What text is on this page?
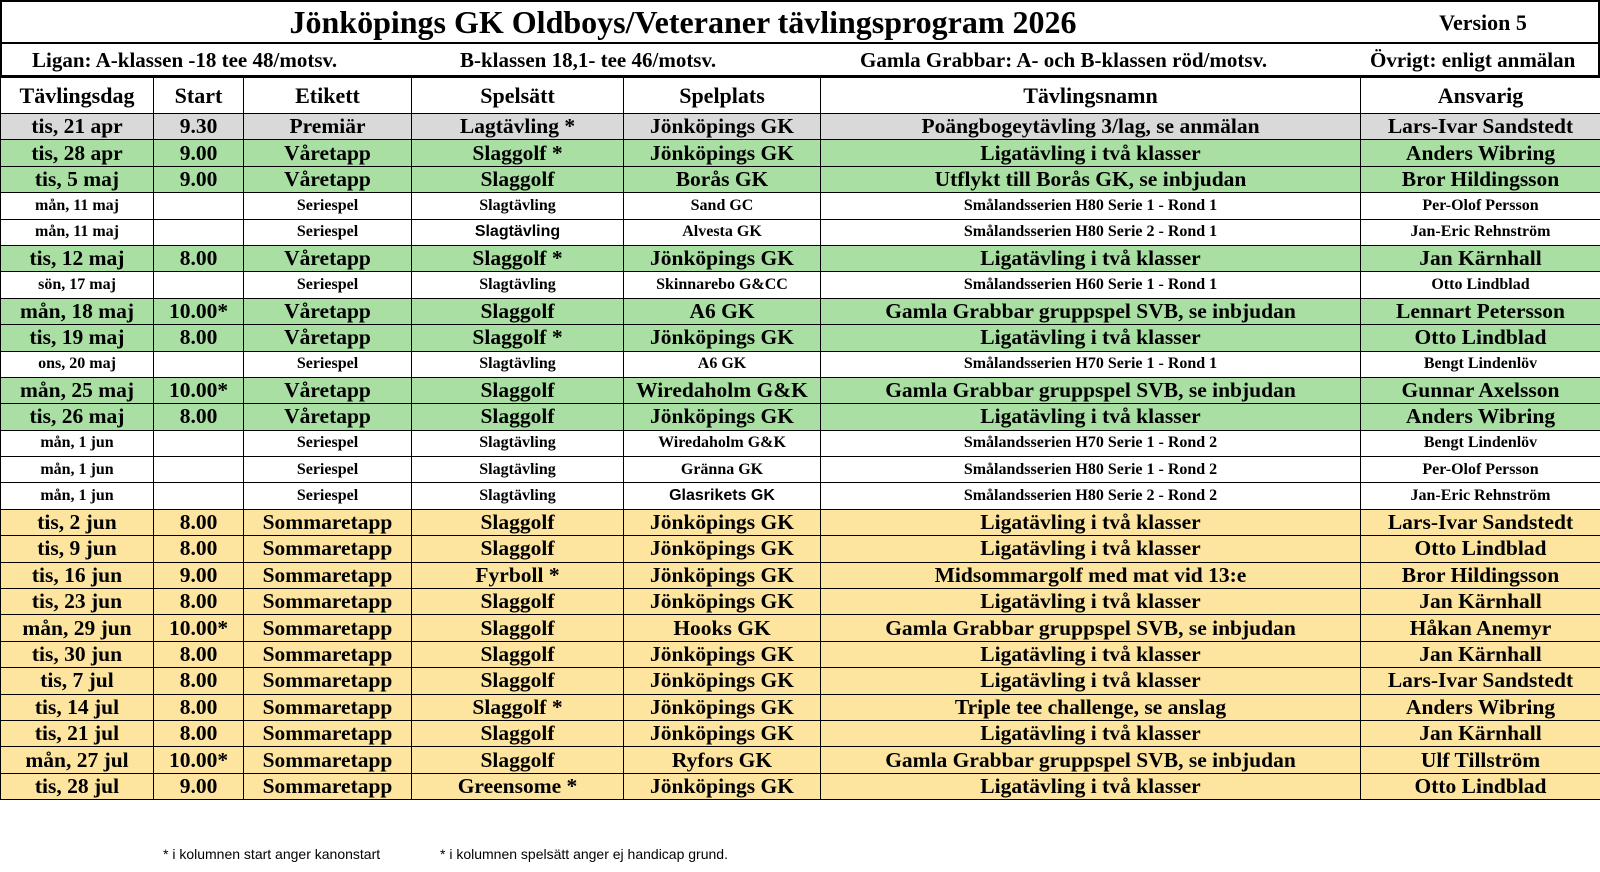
Jönköpings GK Oldboys/Veteraner tävlingsprogram 2026	Version 5
Ligan: A-klassen -18 tee 48/motsv.	B-klassen 18,1- tee 46/motsv.	Gamla Grabbar: A- och B-klassen röd/motsv.	Övrigt: enligt anmälan
Tävlingsdag	Start	Etikett	Spelsätt	Spelplats	Tävlingsnamn	Ansvarig
tis, 21 apr	9.30	Premiär	Lagtävling *	Jönköpings GK	Poängbogeytävling 3/lag, se anmälan	Lars-Ivar Sandstedt
tis, 28 apr	9.00	Våretapp	Slaggolf *	Jönköpings GK	Ligatävling i två klasser	Anders Wibring
tis, 5 maj	9.00	Våretapp	Slaggolf	Borås GK	Utflykt till Borås GK, se inbjudan	Bror Hildingsson
mån, 11 maj		Seriespel	Slagtävling	Sand GC	Smålandsserien H80 Serie 1 - Rond 1	Per-Olof Persson
mån, 11 maj		Seriespel	Slagtävling	Alvesta GK	Smålandsserien H80 Serie 2 - Rond 1	Jan-Eric Rehnström
tis, 12 maj	8.00	Våretapp	Slaggolf *	Jönköpings GK	Ligatävling i två klasser	Jan Kärnhall
sön, 17 maj		Seriespel	Slagtävling	Skinnarebo G&CC	Smålandsserien H60 Serie 1 - Rond 1	Otto Lindblad
mån, 18 maj	10.00*	Våretapp	Slaggolf	A6 GK	Gamla Grabbar gruppspel SVB, se inbjudan	Lennart Petersson
tis, 19 maj	8.00	Våretapp	Slaggolf *	Jönköpings GK	Ligatävling i två klasser	Otto Lindblad
ons, 20 maj		Seriespel	Slagtävling	A6 GK	Smålandsserien H70 Serie 1 - Rond 1	Bengt Lindenlöv
mån, 25 maj	10.00*	Våretapp	Slaggolf	Wiredaholm G&K	Gamla Grabbar gruppspel SVB, se inbjudan	Gunnar Axelsson
tis, 26 maj	8.00	Våretapp	Slaggolf	Jönköpings GK	Ligatävling i två klasser	Anders Wibring
mån, 1 jun		Seriespel	Slagtävling	Wiredaholm G&K	Smålandsserien H70 Serie 1 - Rond 2	Bengt Lindenlöv
mån, 1 jun		Seriespel	Slagtävling	Gränna GK	Smålandsserien H80 Serie 1 - Rond 2	Per-Olof Persson
mån, 1 jun		Seriespel	Slagtävling	Glasrikets GK	Smålandsserien H80 Serie 2 - Rond 2	Jan-Eric Rehnström
tis, 2 jun	8.00	Sommaretapp	Slaggolf	Jönköpings GK	Ligatävling i två klasser	Lars-Ivar Sandstedt
tis, 9 jun	8.00	Sommaretapp	Slaggolf	Jönköpings GK	Ligatävling i två klasser	Otto Lindblad
tis, 16 jun	9.00	Sommaretapp	Fyrboll *	Jönköpings GK	Midsommargolf med mat vid 13:e	Bror Hildingsson
tis, 23 jun	8.00	Sommaretapp	Slaggolf	Jönköpings GK	Ligatävling i två klasser	Jan Kärnhall
mån, 29 jun	10.00*	Sommaretapp	Slaggolf	Hooks GK	Gamla Grabbar gruppspel SVB, se inbjudan	Håkan Anemyr
tis, 30 jun	8.00	Sommaretapp	Slaggolf	Jönköpings GK	Ligatävling i två klasser	Jan Kärnhall
tis, 7 jul	8.00	Sommaretapp	Slaggolf	Jönköpings GK	Ligatävling i två klasser	Lars-Ivar Sandstedt
tis, 14 jul	8.00	Sommaretapp	Slaggolf *	Jönköpings GK	Triple tee challenge, se anslag	Anders Wibring
tis, 21 jul	8.00	Sommaretapp	Slaggolf	Jönköpings GK	Ligatävling i två klasser	Jan Kärnhall
mån, 27 jul	10.00*	Sommaretapp	Slaggolf	Ryfors GK	Gamla Grabbar gruppspel SVB, se inbjudan	Ulf Tillström
tis, 28 jul	9.00	Sommaretapp	Greensome *	Jönköpings GK	Ligatävling i två klasser	Otto Lindblad
* i kolumnen start anger kanonstart	* i kolumnen spelsätt anger ej handicap grund.
